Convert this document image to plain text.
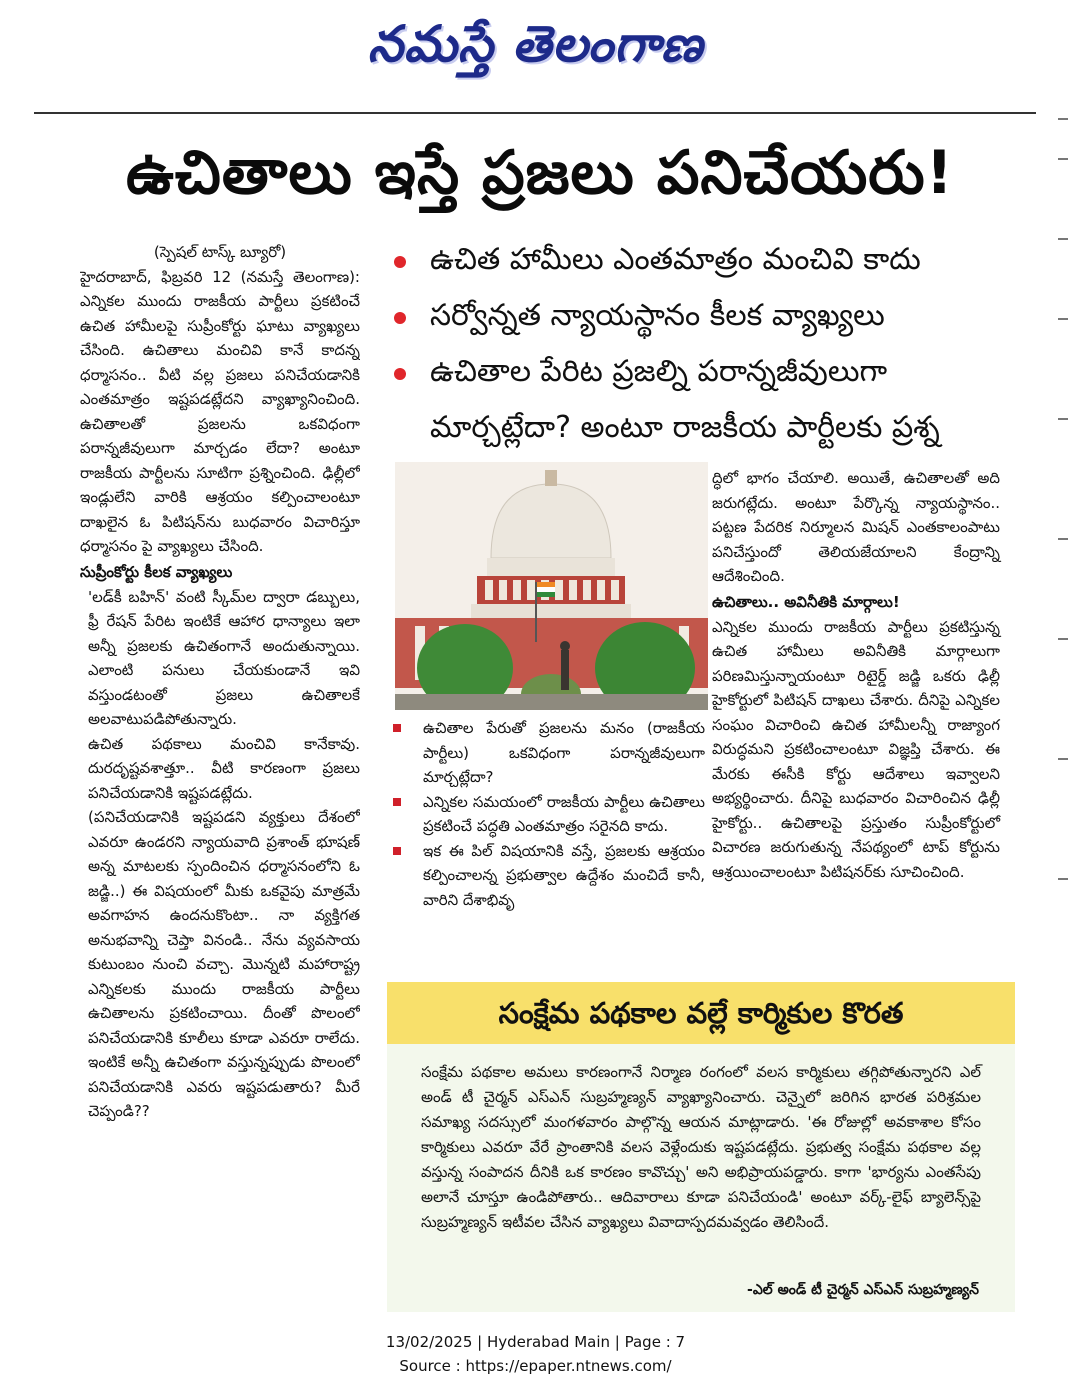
నమస్తే తెలంగాణ
ఉచితాలు ఇస్తే ప్రజలు పనిచేయరు!
(స్పెషల్ టాస్క్ బ్యూరో)
హైదరాబాద్, ఫిబ్రవరి 12 (నమస్తే తెలంగాణ): ఎన్నికల ముందు రాజకీయ పార్టీలు ప్రకటించే ఉచిత హామీలపై సుప్రీంకోర్టు ఘాటు వ్యాఖ్యలు చేసింది. ఉచితాలు మంచివి కానే కాదన్న ధర్మాసనం.. వీటి వల్ల ప్రజలు పనిచేయడానికి ఎంతమాత్రం ఇష్టపడట్లేదని వ్యాఖ్యానించింది. ఉచితాలతో ప్రజలను ఒకవిధంగా పరాన్నజీవులుగా మార్చడం లేదా? అంటూ రాజకీయ పార్టీలను సూటిగా ప్రశ్నించింది. ఢిల్లీలో ఇండ్లులేని వారికి ఆశ్రయం కల్పించాలంటూ దాఖలైన ఓ పిటిషన్‌ను బుధవారం విచారిస్తూ ధర్మాసనం పై వ్యాఖ్యలు చేసింది.
సుప్రీంకోర్టు కీలక వ్యాఖ్యలు
'లడ్‌కీ బహిన్' వంటి స్కీమ్‌ల ద్వారా డబ్బులు, ఫ్రీ రేషన్ పేరిట ఇంటికే ఆహార ధాన్యాలు ఇలా అన్నీ ప్రజలకు ఉచితంగానే అందుతున్నాయి. ఎలాంటి పనులు చేయకుండానే ఇవి వస్తుండటంతో ప్రజలు ఉచితాలకే అలవాటుపడిపోతున్నారు.
ఉచిత పథకాలు మంచివి కానేకావు. దురదృష్టవశాత్తూ.. వీటి కారణంగా ప్రజలు పనిచేయడానికి ఇష్టపడట్లేదు.
(పనిచేయడానికి ఇష్టపడని వ్యక్తులు దేశంలో ఎవరూ ఉండరని న్యాయవాది ప్రశాంత్ భూషణ్ అన్న మాటలకు స్పందించిన ధర్మాసనంలోని ఓ జడ్జి..) ఈ విషయంలో మీకు ఒకవైపు మాత్రమే అవగాహన ఉందనుకొంటా.. నా వ్యక్తిగత అనుభవాన్ని చెప్తా వినండి.. నేను వ్యవసాయ కుటుంబం నుంచి వచ్చా. మొన్నటి మహారాష్ట్ర ఎన్నికలకు ముందు రాజకీయ పార్టీలు ఉచితాలను ప్రకటించాయి. దీంతో పొలంలో పనిచేయడానికి కూలీలు కూడా ఎవరూ రాలేదు. ఇంటికే అన్నీ ఉచితంగా వస్తున్నప్పుడు పొలంలో పనిచేయడానికి ఎవరు ఇష్టపడుతారు? మీరే చెప్పండి??
ఉచిత హామీలు ఎంతమాత్రం మంచివి కాదు
సర్వోన్నత న్యాయస్థానం కీలక వ్యాఖ్యలు
ఉచితాల పేరిట ప్రజల్ని పరాన్నజీవులుగా మార్చట్లేదా? అంటూ రాజకీయ పార్టీలకు ప్రశ్న
ఉచితాల పేరుతో ప్రజలను మనం (రాజకీయ పార్టీలు) ఒకవిధంగా పరాన్నజీవులుగా మార్చట్లేదా?
ఎన్నికల సమయంలో రాజకీయ పార్టీలు ఉచితాలు ప్రకటించే పద్ధతి ఎంతమాత్రం సరైనది కాదు.
ఇక ఈ పిల్ విషయానికి వస్తే, ప్రజలకు ఆశ్రయం కల్పించాలన్న ప్రభుత్వాల ఉద్దేశం మంచిదే కానీ, వారిని దేశాభివృ
ద్ధిలో భాగం చేయాలి. అయితే, ఉచితాలతో అది జరుగట్లేదు. అంటూ పేర్కొన్న న్యాయస్థానం.. పట్టణ పేదరిక నిర్మూలన మిషన్ ఎంతకాలంపాటు పనిచేస్తుందో తెలియజేయాలని కేంద్రాన్ని ఆదేశించింది.
ఉచితాలు.. అవినీతికి మార్గాలు!
ఎన్నికల ముందు రాజకీయ పార్టీలు ప్రకటిస్తున్న ఉచిత హామీలు అవినీతికి మార్గాలుగా పరిణమిస్తున్నాయంటూ రిటైర్డ్ జడ్జి ఒకరు ఢిల్లీ హైకోర్టులో పిటిషన్ దాఖలు చేశారు. దీనిపై ఎన్నికల సంఘం విచారించి ఉచిత హామీలన్నీ రాజ్యాంగ విరుద్ధమని ప్రకటించాలంటూ విజ్ఞప్తి చేశారు. ఈ మేరకు ఈసీకి కోర్టు ఆదేశాలు ఇవ్వాలని అభ్యర్థించారు. దీనిపై బుధవారం విచారించిన ఢిల్లీ హైకోర్టు.. ఉచితాలపై ప్రస్తుతం సుప్రీంకోర్టులో విచారణ జరుగుతున్న నేపథ్యంలో టాప్ కోర్టును ఆశ్రయించాలంటూ పిటిషనర్‌కు సూచించింది.
సంక్షేమ పథకాల వల్లే కార్మికుల కొరత
సంక్షేమ పథకాల అమలు కారణంగానే నిర్మాణ రంగంలో వలస కార్మికులు తగ్గిపోతున్నారని ఎల్ అండ్ టీ చైర్మన్ ఎస్ఎన్ సుబ్రహ్మణ్యన్ వ్యాఖ్యానించారు. చెన్నైలో జరిగిన భారత పరిశ్రమల సమాఖ్య సదస్సులో మంగళవారం పాల్గొన్న ఆయన మాట్లాడారు. 'ఈ రోజుల్లో అవకాశాల కోసం కార్మికులు ఎవరూ వేరే ప్రాంతానికి వలస వెళ్లేందుకు ఇష్టపడట్లేదు. ప్రభుత్వ సంక్షేమ పథకాల వల్ల వస్తున్న సంపాదన దీనికి ఒక కారణం కావొచ్చు' అని అభిప్రాయపడ్డారు. కాగా 'భార్యను ఎంతసేపు అలానే చూస్తూ ఉండిపోతారు.. ఆదివారాలు కూడా పనిచేయండి' అంటూ వర్క్-లైఫ్ బ్యాలెన్స్‌పై సుబ్రహ్మణ్యన్ ఇటీవల చేసిన వ్యాఖ్యలు వివాదాస్పదమవ్వడం తెలిసిందే.
-ఎల్ అండ్ టీ చైర్మన్ ఎస్ఎన్ సుబ్రహ్మణ్యన్
13/02/2025 | Hyderabad Main | Page : 7
Source : https://epaper.ntnews.com/
